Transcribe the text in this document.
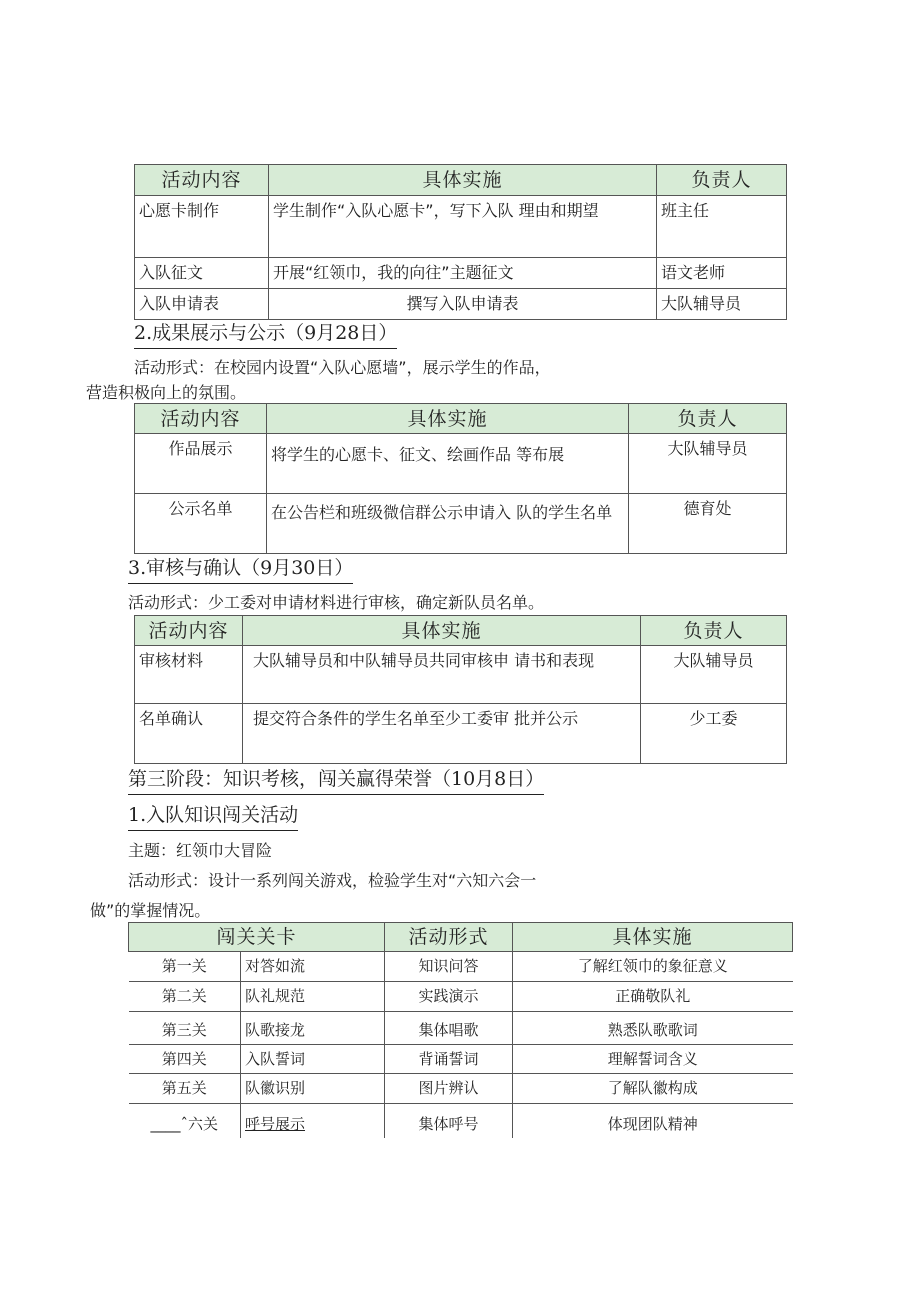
活动内容	具体实施	负责人
心愿卡制作	学生制作“入队心愿卡”，写下入队 理由和期望	班主任
入队征文	开展“红领巾，我的向往”主题征文	语文老师
入队申请表	撰写入队申请表	大队辅导员
2.成果展示与公示（9月28日）
活动形式：在校园内设置“入队心愿墙”，展示学生的作品，
营造积极向上的氛围。
活动内容	具体实施	负责人
作品展示	将学生的心愿卡、征文、绘画作品 等布展	大队辅导员
公示名单	在公告栏和班级微信群公示申请入 队的学生名单	德育处
3.审核与确认（9月30日）
活动形式：少工委对申请材料进行审核，确定新队员名单。
活动内容	具体实施	负责人
审核材料	大队辅导员和中队辅导员共同审核申 请书和表现	大队辅导员
名单确认	提交符合条件的学生名单至少工委审 批并公示	少工委
第三阶段：知识考核，闯关赢得荣誉（10月8日）
1.入队知识闯关活动
主题：红领巾大冒险
活动形式：设计一系列闯关游戏，检验学生对“六知六会一
做”的掌握情况。
闯关关卡		活动形式	具体实施
第一关	对答如流	知识问答	了解红领巾的象征意义
第二关	队礼规范	实践演示	正确敬队礼
第三关	队歌接龙	集体唱歌	熟悉队歌歌词
第四关	入队誓词	背诵誓词	理解誓词含义
第五关	队徽识别	图片辨认	了解队徽构成
____ˆ六关	呼号展示	集体呼号	体现团队精神
